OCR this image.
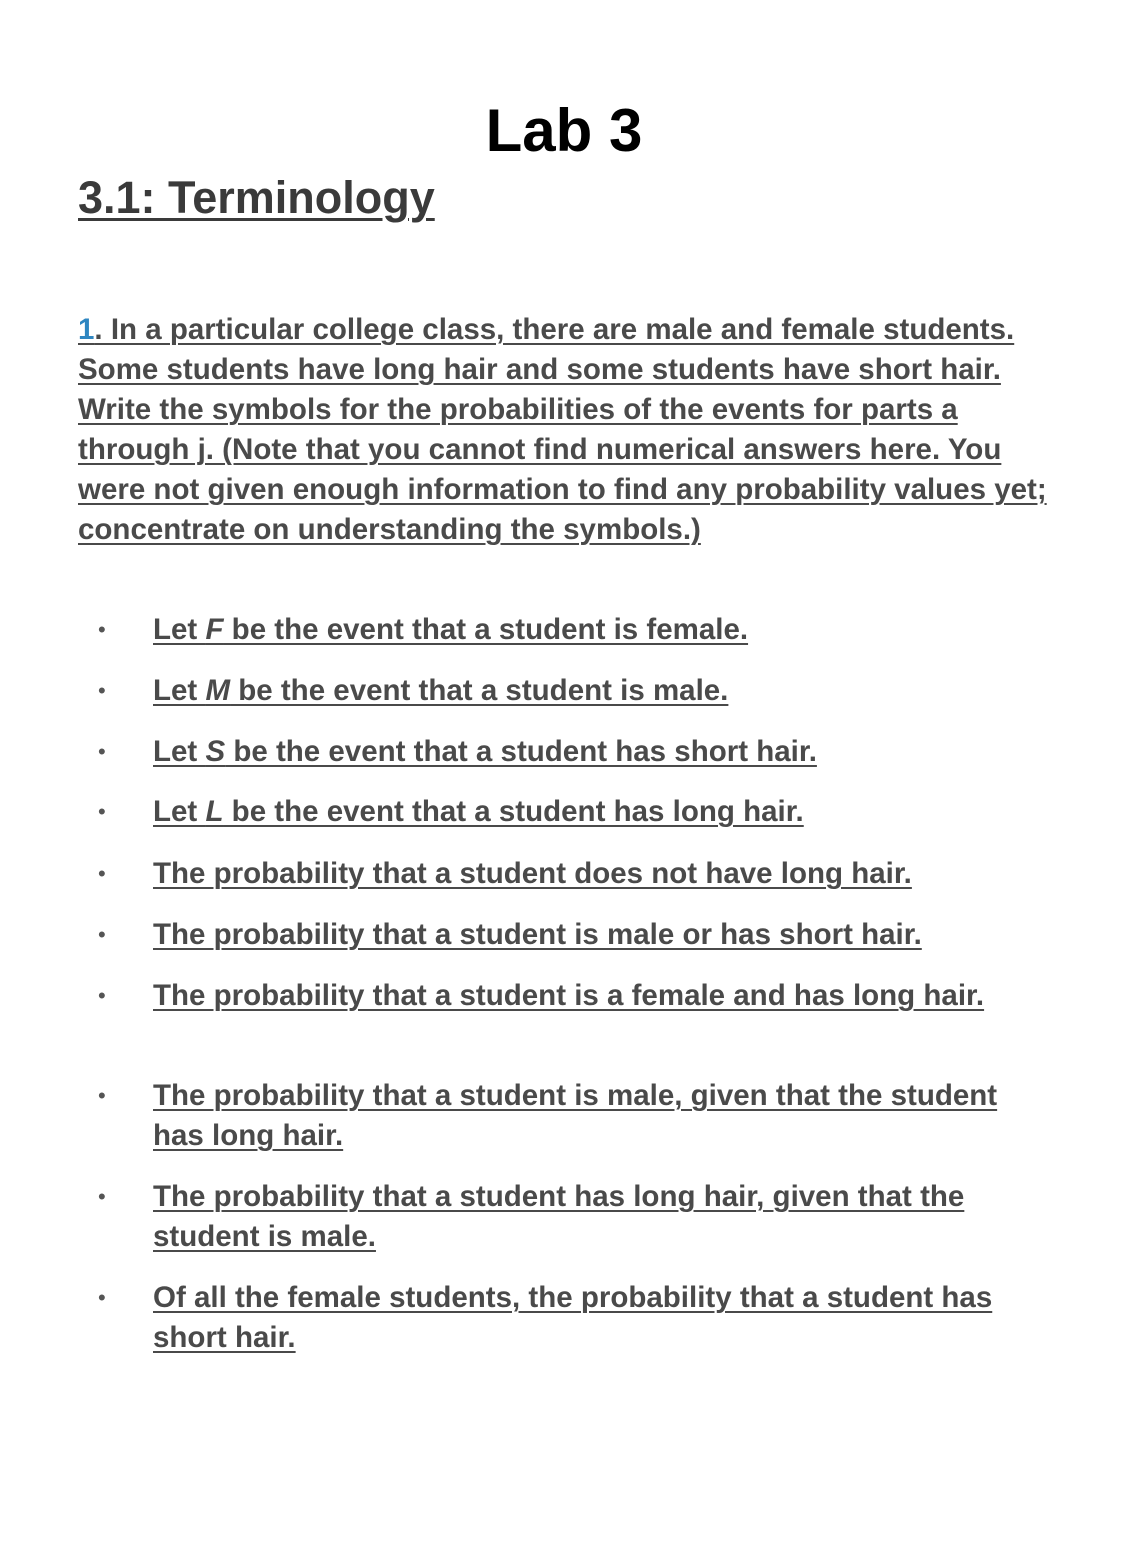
Lab 3
3.1: Terminology

1. In a particular college class, there are male and female students. Some students have long hair and some students have short hair. Write the symbols for the probabilities of the events for parts a through j. (Note that you cannot find numerical answers here. You were not given enough information to find any probability values yet; concentrate on understanding the symbols.)

• Let F be the event that a student is female.
• Let M be the event that a student is male.
• Let S be the event that a student has short hair.
• Let L be the event that a student has long hair.
• The probability that a student does not have long hair.
• The probability that a student is male or has short hair.
• The probability that a student is a female and has long hair.
• The probability that a student is male, given that the student has long hair.
• The probability that a student has long hair, given that the student is male.
• Of all the female students, the probability that a student has short hair.
